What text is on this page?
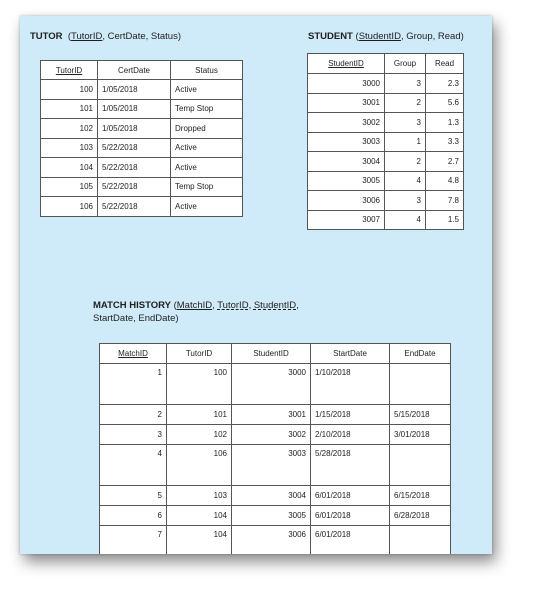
TUTOR  (TutorID, CertDate, Status)
TutorID	CertDate	Status
100	1/05/2018	Active
101	1/05/2018	Temp Stop
102	1/05/2018	Dropped
103	5/22/2018	Active
104	5/22/2018	Active
105	5/22/2018	Temp Stop
106	5/22/2018	Active
STUDENT (StudentID, Group, Read)
StudentID	Group	Read
3000	3	2.3
3001	2	5.6
3002	3	1.3
3003	1	3.3
3004	2	2.7
3005	4	4.8
3006	3	7.8
3007	4	1.5
MATCH HISTORY (MatchID, TutorID, StudentID,
StartDate, EndDate)
MatchID	TutorID	StudentID	StartDate	EndDate
1	100	3000	1/10/2018	
2	101	3001	1/15/2018	5/15/2018
3	102	3002	2/10/2018	3/01/2018
4	106	3003	5/28/2018	
5	103	3004	6/01/2018	6/15/2018
6	104	3005	6/01/2018	6/28/2018
7	104	3006	6/01/2018	
